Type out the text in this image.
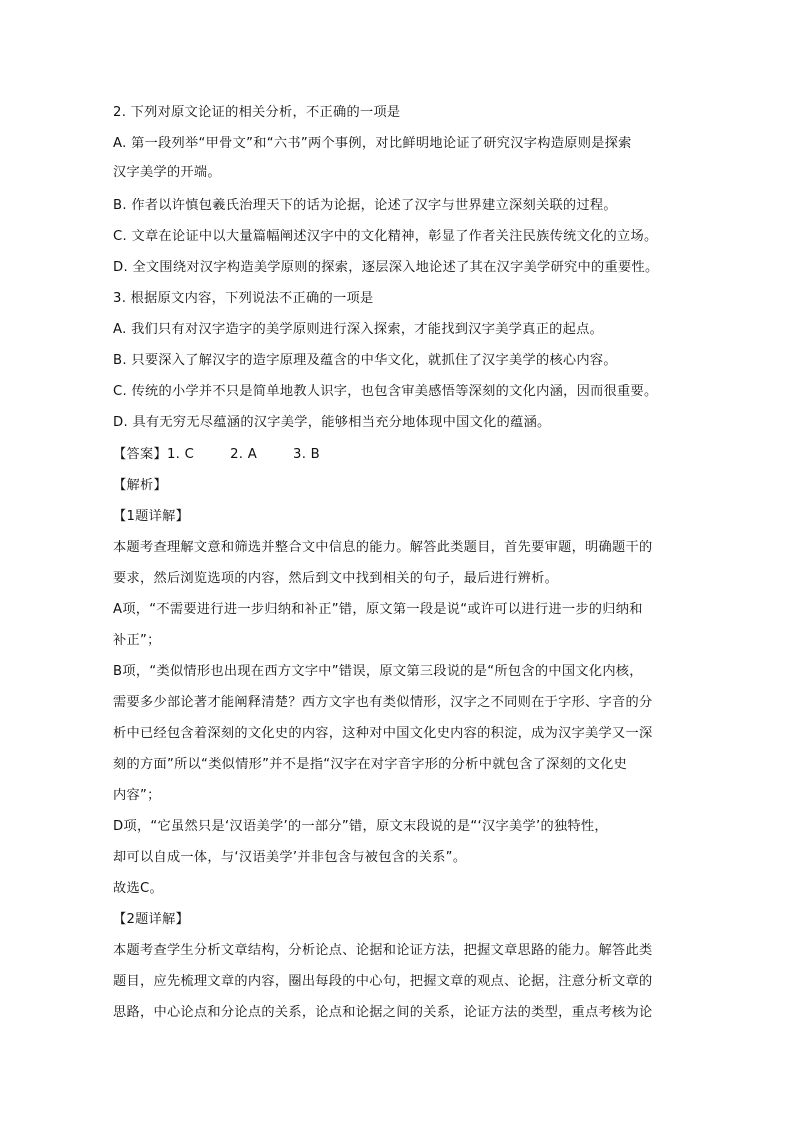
2. 下列对原文论证的相关分析，不正确的一项是
A. 第一段列举“甲骨文”和“六书”两个事例，对比鲜明地论证了研究汉字构造原则是探索
汉字美学的开端。
B. 作者以许慎包羲氏治理天下的话为论据，论述了汉字与世界建立深刻关联的过程。
C. 文章在论证中以大量篇幅阐述汉字中的文化精神，彰显了作者关注民族传统文化的立场。
D. 全文围绕对汉字构造美学原则的探索，逐层深入地论述了其在汉字美学研究中的重要性。
3. 根据原文内容，下列说法不正确的一项是
A. 我们只有对汉字造字的美学原则进行深入探索，才能找到汉字美学真正的起点。
B. 只要深入了解汉字的造字原理及蕴含的中华文化，就抓住了汉字美学的核心内容。
C. 传统的小学并不只是简单地教人识字，也包含审美感悟等深刻的文化内涵，因而很重要。
D. 具有无穷无尽蕴涵的汉字美学，能够相当充分地体现中国文化的蕴涵。
【答案】1. C        2. A        3. B
【解析】
【1题详解】
本题考查理解文意和筛选并整合文中信息的能力。解答此类题目，首先要审题，明确题干的
要求，然后浏览选项的内容，然后到文中找到相关的句子，最后进行辨析。
A项，“不需要进行进一步归纳和补正”错，原文第一段是说“或许可以进行进一步的归纳和
补正”；
B项，“类似情形也出现在西方文字中”错误，原文第三段说的是“所包含的中国文化内核，
需要多少部论著才能阐释清楚？西方文字也有类似情形，汉字之不同则在于字形、字音的分
析中已经包含着深刻的文化史的内容，这种对中国文化史内容的积淀，成为汉字美学又一深
刻的方面”所以“类似情形”并不是指“汉字在对字音字形的分析中就包含了深刻的文化史
内容”；
D项，“它虽然只是‘汉语美学’的一部分”错，原文末段说的是“‘汉字美学’的独特性，
却可以自成一体，与‘汉语美学’并非包含与被包含的关系”。
故选C。
【2题详解】
本题考查学生分析文章结构，分析论点、论据和论证方法，把握文章思路的能力。解答此类
题目，应先梳理文章的内容，圈出每段的中心句，把握文章的观点、论据，注意分析文章的
思路，中心论点和分论点的关系，论点和论据之间的关系，论证方法的类型，重点考核为论
